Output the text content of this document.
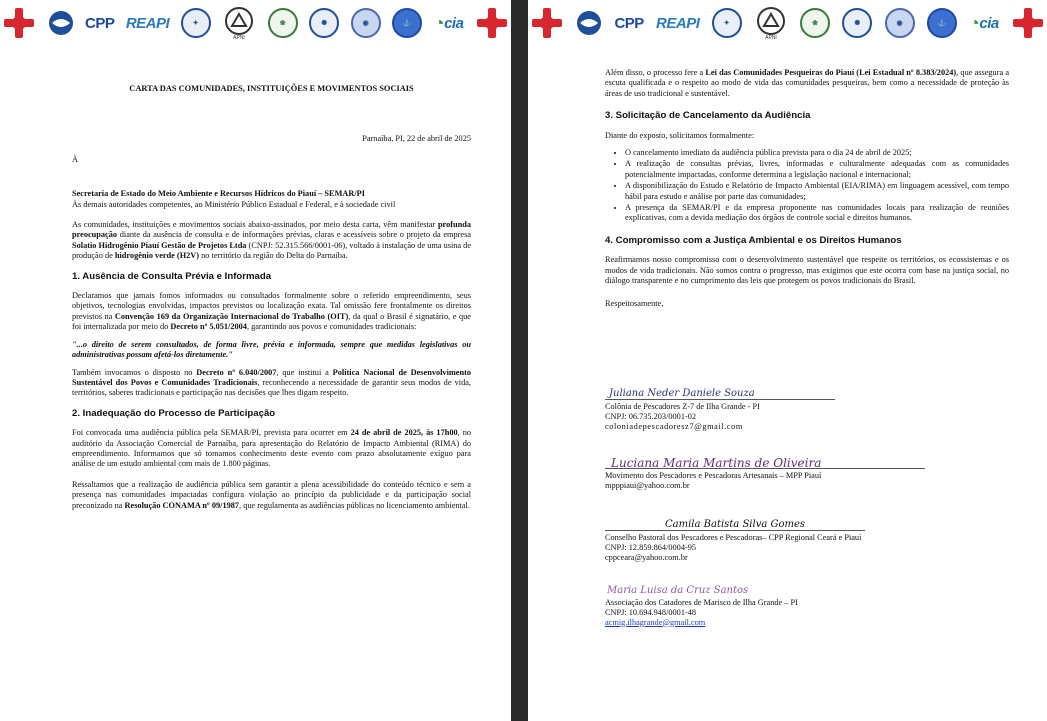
CPP REAPI	✦
APNI
❀	✺	◉	⚓	◔ cia

CARTA DAS COMUNIDADES, INSTITUIÇÕES E MOVIMENTOS SOCIAIS

Parnaíba, PI, 22 de abril de 2025

À

Secretaria de Estado do Meio Ambiente e Recursos Hídricos do Piauí – SEMAR/PI

Às demais autoridades competentes, ao Ministério Público Estadual e Federal, e à sociedade civil

As comunidades, instituições e movimentos sociais abaixo-assinados, por meio desta carta, vêm manifestar profunda preocupação diante da ausência de consulta e de informações prévias, claras e acessíveis sobre o projeto da empresa Solatio Hidrogênio Piauí Gestão de Projetos Ltda (CNPJ: 52.315.566/0001-06), voltado à instalação de uma usina de produção de hidrogênio verde (H2V) no território da região do Delta do Parnaíba.

1. Ausência de Consulta Prévia e Informada

Declaramos que jamais fomos informados ou consultados formalmente sobre o referido empreendimento, seus objetivos, tecnologias envolvidas, impactos previstos ou localização exata. Tal omissão fere frontalmente os direitos previstos na Convenção 169 da Organização Internacional do Trabalho (OIT), da qual o Brasil é signatário, e que foi internalizada por meio do Decreto nº 5.051/2004, garantindo aos povos e comunidades tradicionais:

"...o direito de serem consultados, de forma livre, prévia e informada, sempre que medidas legislativas ou administrativas possam afetá-los diretamente."

Também invocamos o disposto no Decreto nº 6.040/2007, que institui a Política Nacional de Desenvolvimento Sustentável dos Povos e Comunidades Tradicionais, reconhecendo a necessidade de garantir seus modos de vida, territórios, saberes tradicionais e participação nas decisões que lhes digam respeito.

2. Inadequação do Processo de Participação

Foi convocada uma audiência pública pela SEMAR/PI, prevista para ocorrer em 24 de abril de 2025, às 17h00, no auditório da Associação Comercial de Parnaíba, para apresentação do Relatório de Impacto Ambiental (RIMA) do empreendimento. Informamos que só tomamos conhecimento deste evento com prazo absolutamente exíguo para análise de um estudo ambiental com mais de 1.800 páginas.

Ressaltamos que a realização de audiência pública sem garantir a plena acessibilidade do conteúdo técnico e sem a presença nas comunidades impactadas configura violação ao princípio da publicidade e da participação social preconizado na Resolução CONAMA nº 09/1987, que regulamenta as audiências públicas no licenciamento ambiental.

CPP REAPI	✦
APNI
❀	✺	◉	⚓	◔ cia

Além disso, o processo fere a Lei das Comunidades Pesqueiras do Piauí (Lei Estadual nº 8.383/2024), que assegura a escuta qualificada e o respeito ao modo de vida das comunidades pesqueiras, bem como a necessidade de proteção às áreas de uso tradicional e sustentável.

3. Solicitação de Cancelamento da Audiência

Diante do exposto, solicitamos formalmente:

• O cancelamento imediato da audiência pública prevista para o dia 24 de abril de 2025;
• A realização de consultas prévias, livres, informadas e culturalmente adequadas com as comunidades potencialmente impactadas, conforme determina a legislação nacional e internacional;
• A disponibilização do Estudo e Relatório de Impacto Ambiental (EIA/RIMA) em linguagem acessível, com tempo hábil para estudo e análise por parte das comunidades;
• A presença da SEMAR/PI e da empresa proponente nas comunidades locais para realização de reuniões explicativas, com a devida mediação dos órgãos de controle social e direitos humanos.

4. Compromisso com a Justiça Ambiental e os Direitos Humanos

Reafirmamos nosso compromisso com o desenvolvimento sustentável que respeite os territórios, os ecossistemas e os modos de vida tradicionais. Não somos contra o progresso, mas exigimos que este ocorra com base na justiça social, no diálogo transparente e no cumprimento das leis que protegem os povos tradicionais do Brasil.

Respeitosamente,

Juliana Neder Daniele Souza

Colônia de Pescadores Z-7 de Ilha Grande - PI

CNPJ: 06.735.203/0001-02

coloniadepescadoresz7@gmail.com

Luciana Maria Martins de Oliveira

Movimento dos Pescadores e Pescadoras Artesanais – MPP Piauí

mpppiaui@yahoo.com.br

Camila Batista Silva Gomes

Conselho Pastoral dos Pescadores e Pescadoras– CPP Regional Ceará e Piauí

CNPJ: 12.859.864/0004-95

cppceara@yahoo.com.br

Maria Luisa da Cruz Santos

Associação dos Catadores de Marisco de Ilha Grande – PI

CNPJ: 10.694.948/0001-48

acmig.ilhagrande@gmail.com
